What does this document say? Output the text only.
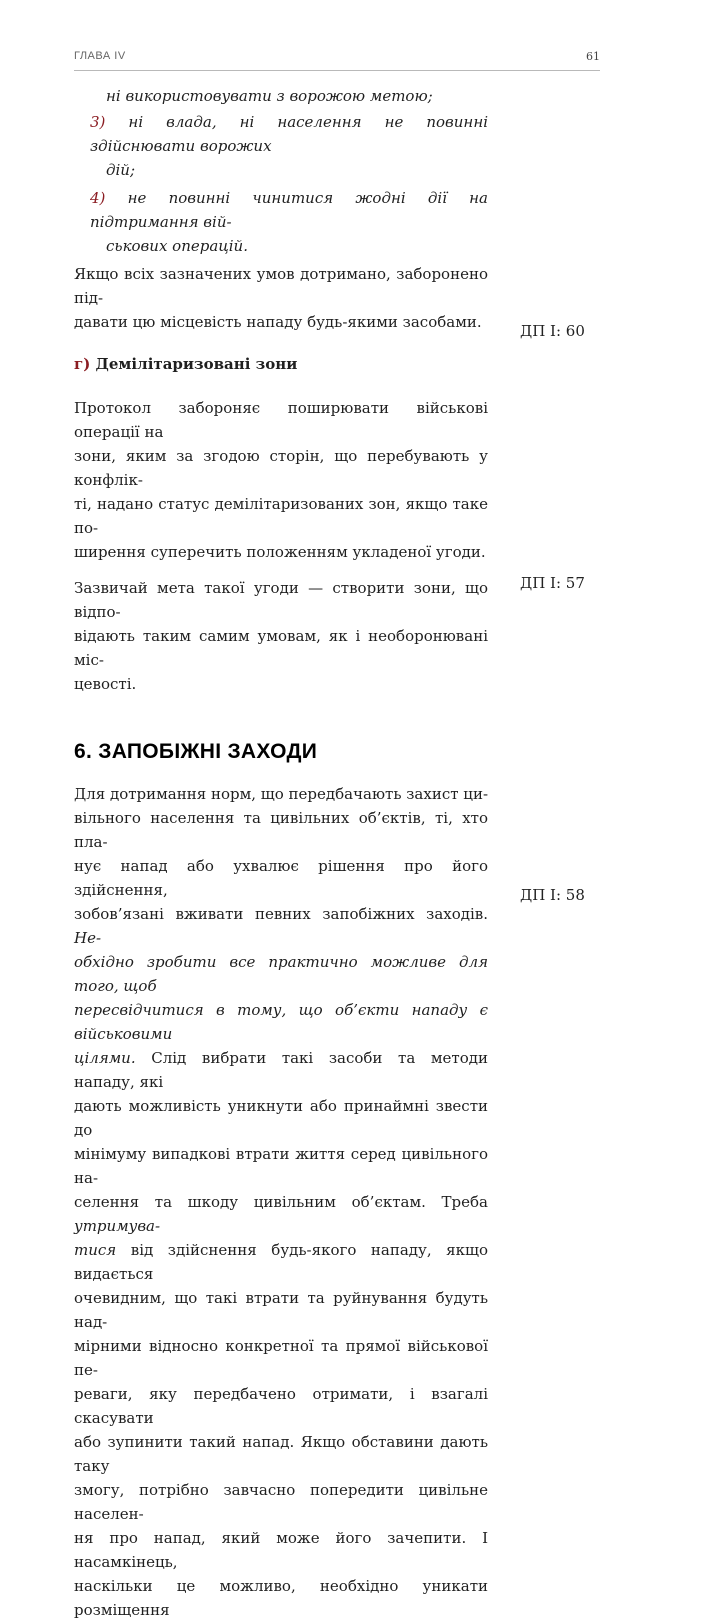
ГЛАВА IV	61

ні використовувати з ворожою метою;

3) ні влада, ні населення не повинні здійснювати ворожих

дій;

4) не повинні чинитися жодні дії на підтримання вій-

ськових операцій.

Якщо всіх зазначених умов дотримано, заборонено під-

давати цю місцевість нападу будь-якими засобами.

г) Демілітаризовані зони

Протокол забороняє поширювати військові операції на

зони, яким за згодою сторін, що перебувають у конфлік-

ті, надано статус демілітаризованих зон, якщо таке по-

ширення суперечить положенням укладеної угоди.

Зазвичай мета такої угоди — створити зони, що відпо-

відають таким самим умовам, як і необоронювані міс-

цевості.

6. ЗАПОБІЖНІ ЗАХОДИ

Для дотримання норм, що передбачають захист ци-

вільного населення та цивільних об’єктів, ті, хто пла-

нує напад або ухвалює рішення про його здійснення,

зобов’язані вживати певних запобіжних заходів. Не-

обхідно зробити все практично можливе для того, щоб

пересвідчитися в тому, що об’єкти нападу є військовими

цілями. Слід вибрати такі засоби та методи нападу, які

дають можливість уникнути або принаймні звести до

мінімуму випадкові втрати життя серед цивільного на-

селення та шкоду цивільним об’єктам. Треба утримува-

тися від здійснення будь-якого нападу, якщо видається

очевидним, що такі втрати та руйнування будуть над-

мірними відносно конкретної та прямої військової пе-

реваги, яку передбачено отримати, і взагалі скасувати

або зупинити такий напад. Якщо обставини дають таку

змогу, потрібно завчасно попередити цивільне населен-

ня про напад, який може його зачепити. І насамкінець,

наскільки це можливо, необхідно уникати розміщення

ДП I: 60
ДП I: 57
ДП I: 58
